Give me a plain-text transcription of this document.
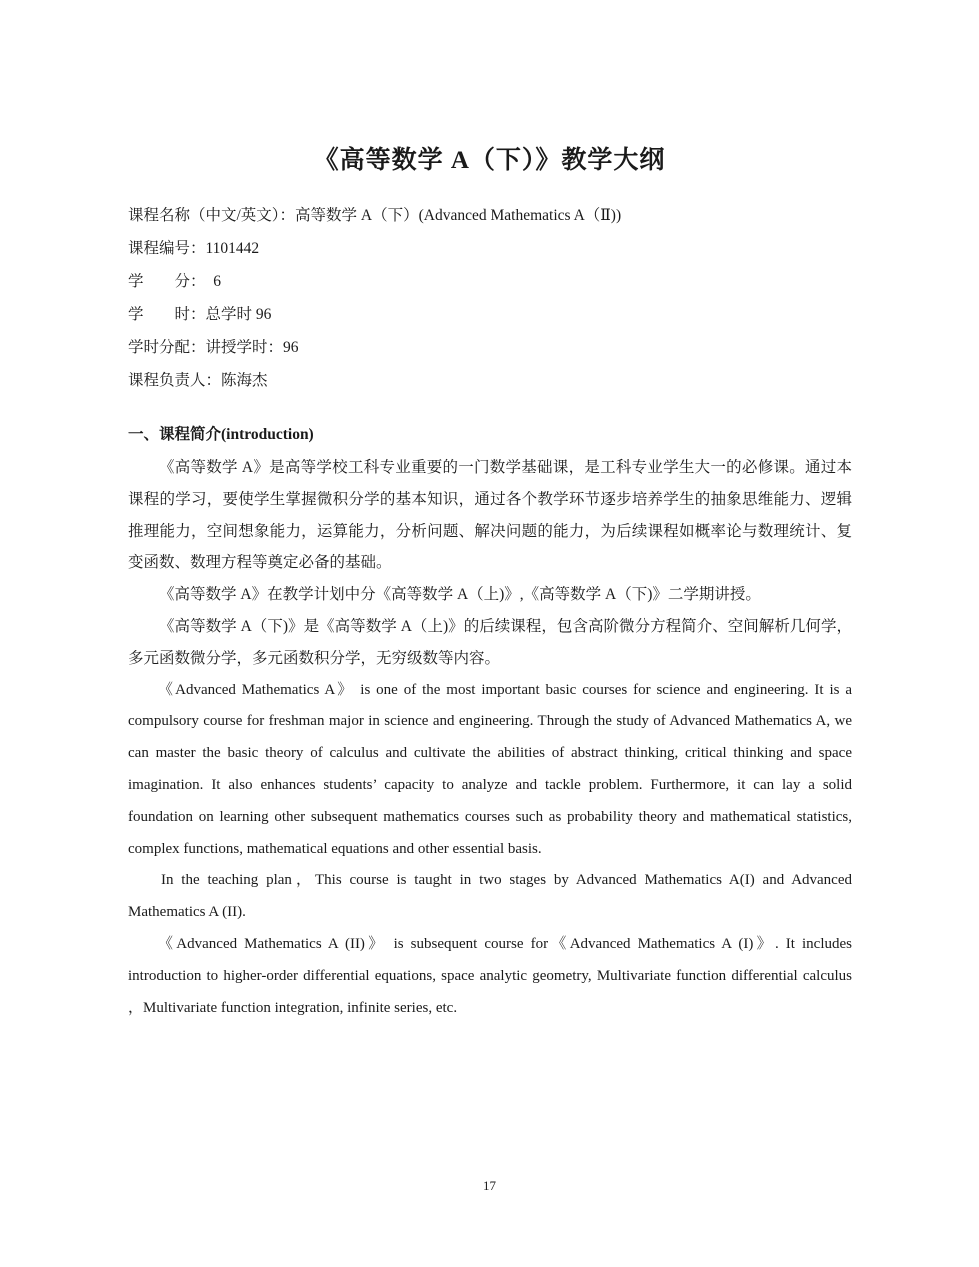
《高等数学 A（下）》教学大纲
课程名称（中文/英文）：高等数学 A（下）(Advanced Mathematics A（Ⅱ))
课程编号：1101442
学　　分：　6
学　　时：总学时 96
学时分配：讲授学时：96
课程负责人：陈海杰
一、课程简介(introduction)

《高等数学 A》是高等学校工科专业重要的一门数学基础课，是工科专业学生大一的必修课。通过本课程的学习，要使学生掌握微积分学的基本知识，通过各个教学环节逐步培养学生的抽象思维能力、逻辑推理能力，空间想象能力，运算能力，分析问题、解决问题的能力，为后续课程如概率论与数理统计、复变函数、数理方程等奠定必备的基础。

《高等数学 A》在教学计划中分《高等数学 A（上)》,《高等数学 A（下)》二学期讲授。

《高等数学 A（下)》是《高等数学 A（上)》的后续课程，包含高阶微分方程简介、空间解析几何学，多元函数微分学，多元函数积分学，无穷级数等内容。

《Advanced Mathematics A》 is one of the most important basic courses for science and engineering. It is a compulsory course for freshman major in science and engineering. Through the study of Advanced Mathematics A, we can master the basic theory of calculus and cultivate the abilities of abstract thinking, critical thinking and space imagination. It also enhances students’ capacity to analyze and tackle problem. Furthermore, it can lay a solid foundation on learning other subsequent mathematics courses such as probability theory and mathematical statistics, complex functions, mathematical equations and other essential basis.

In the teaching plan，This course is taught in two stages by Advanced Mathematics A(I) and Advanced Mathematics A (II).

《Advanced Mathematics A (II)》 is subsequent course for《Advanced Mathematics A (I)》. It includes introduction to higher-order differential equations, space analytic geometry, Multivariate function differential calculus ，Multivariate function integration, infinite series, etc.

17
